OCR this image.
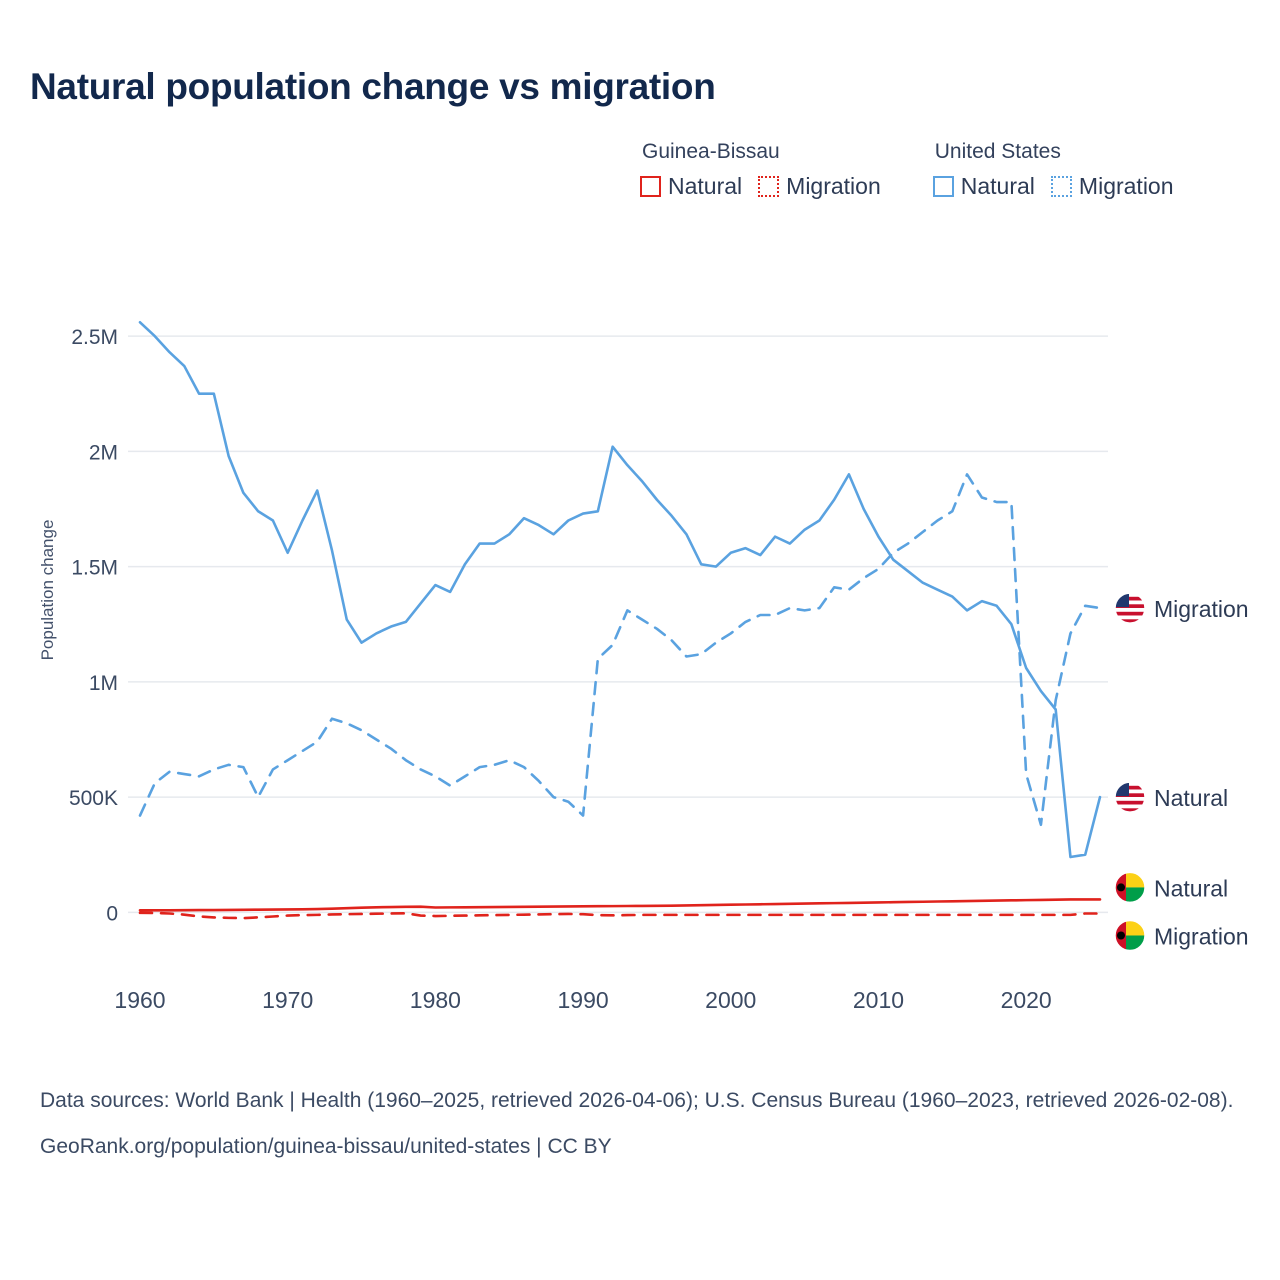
Natural population change vs migration
Guinea-Bissau
Natural Migration
United States
Natural Migration
Population change
0
500K
1M
1.5M
2M
2.5M
1960	1970	1980	1990	2000	2010	2020
Migration
Natural
Natural
Migration
Data sources: World Bank | Health (1960–2025, retrieved 2026-04-06); U.S. Census Bureau (1960–2023, retrieved 2026-02-08).
GeoRank.org/population/guinea-bissau/united-states | CC BY
